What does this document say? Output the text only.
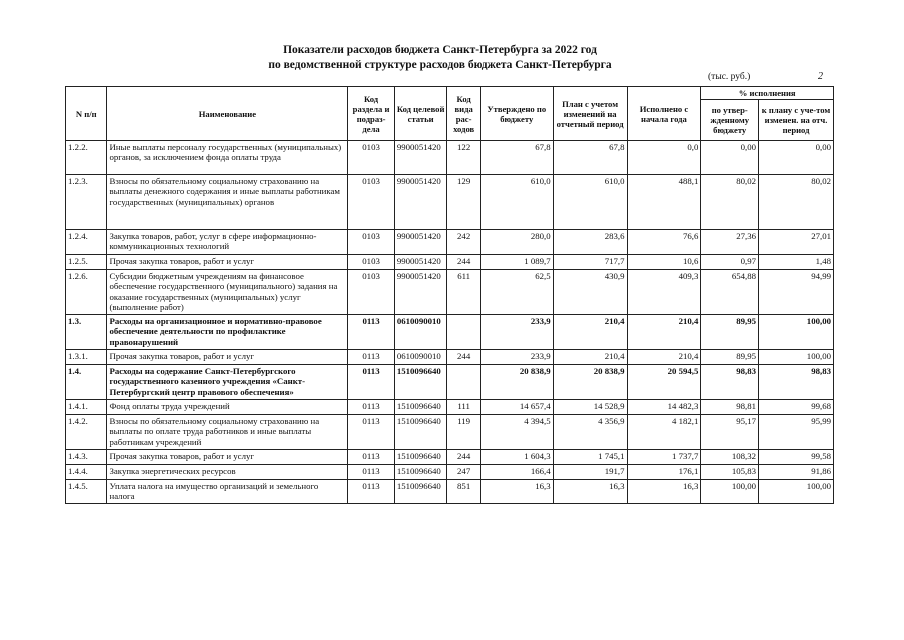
Показатели расходов бюджета Санкт-Петербурга за 2022 год
по ведомственной структуре расходов бюджета Санкт-Петербурга
(тыс. руб.)	2
N п/п	Наименование	Код раздела и подраз-дела	Код целевой статьи	Код вида рас-ходов	Утверждено по бюджету	План с учетом изменений на отчетный период	Исполнено с начала года	% исполнения	
								по утвер-жденному бюджету	к плану с уче-том изменен. на отч. период
1.2.2.	Иные выплаты персоналу государственных (муниципальных) органов, за исключением фонда оплаты труда	0103	9900051420	122	67,8	67,8	0,0	0,00	0,00
1.2.3.	Взносы по обязательному социальному страхованию на выплаты денежного содержания и иные выплаты работникам государственных (муниципальных) органов	0103	9900051420	129	610,0	610,0	488,1	80,02	80,02
1.2.4.	Закупка товаров, работ, услуг в сфере информационно-коммуникационных технологий	0103	9900051420	242	280,0	283,6	76,6	27,36	27,01
1.2.5.	Прочая закупка товаров, работ и услуг	0103	9900051420	244	1 089,7	717,7	10,6	0,97	1,48
1.2.6.	Субсидии бюджетным учреждениям на финансовое обеспечение государственного (муниципального) задания на оказание государственных (муниципальных) услуг (выполнение работ)	0103	9900051420	611	62,5	430,9	409,3	654,88	94,99
1.3.	Расходы на организационное и нормативно-правовое обеспечение деятельности по профилактике правонарушений	0113	0610090010		233,9	210,4	210,4	89,95	100,00
1.3.1.	Прочая закупка товаров, работ и услуг	0113	0610090010	244	233,9	210,4	210,4	89,95	100,00
1.4.	Расходы на содержание Санкт-Петербургского государственного казенного учреждения «Санкт-Петербургский центр правового обеспечения»	0113	1510096640		20 838,9	20 838,9	20 594,5	98,83	98,83
1.4.1.	Фонд оплаты труда учреждений	0113	1510096640	111	14 657,4	14 528,9	14 482,3	98,81	99,68
1.4.2.	Взносы по обязательному социальному страхованию на выплаты по оплате труда работников и иные выплаты работникам учреждений	0113	1510096640	119	4 394,5	4 356,9	4 182,1	95,17	95,99
1.4.3.	Прочая закупка товаров, работ и услуг	0113	1510096640	244	1 604,3	1 745,1	1 737,7	108,32	99,58
1.4.4.	Закупка энергетических ресурсов	0113	1510096640	247	166,4	191,7	176,1	105,83	91,86
1.4.5.	Уплата налога на имущество организаций и земельного налога	0113	1510096640	851	16,3	16,3	16,3	100,00	100,00
